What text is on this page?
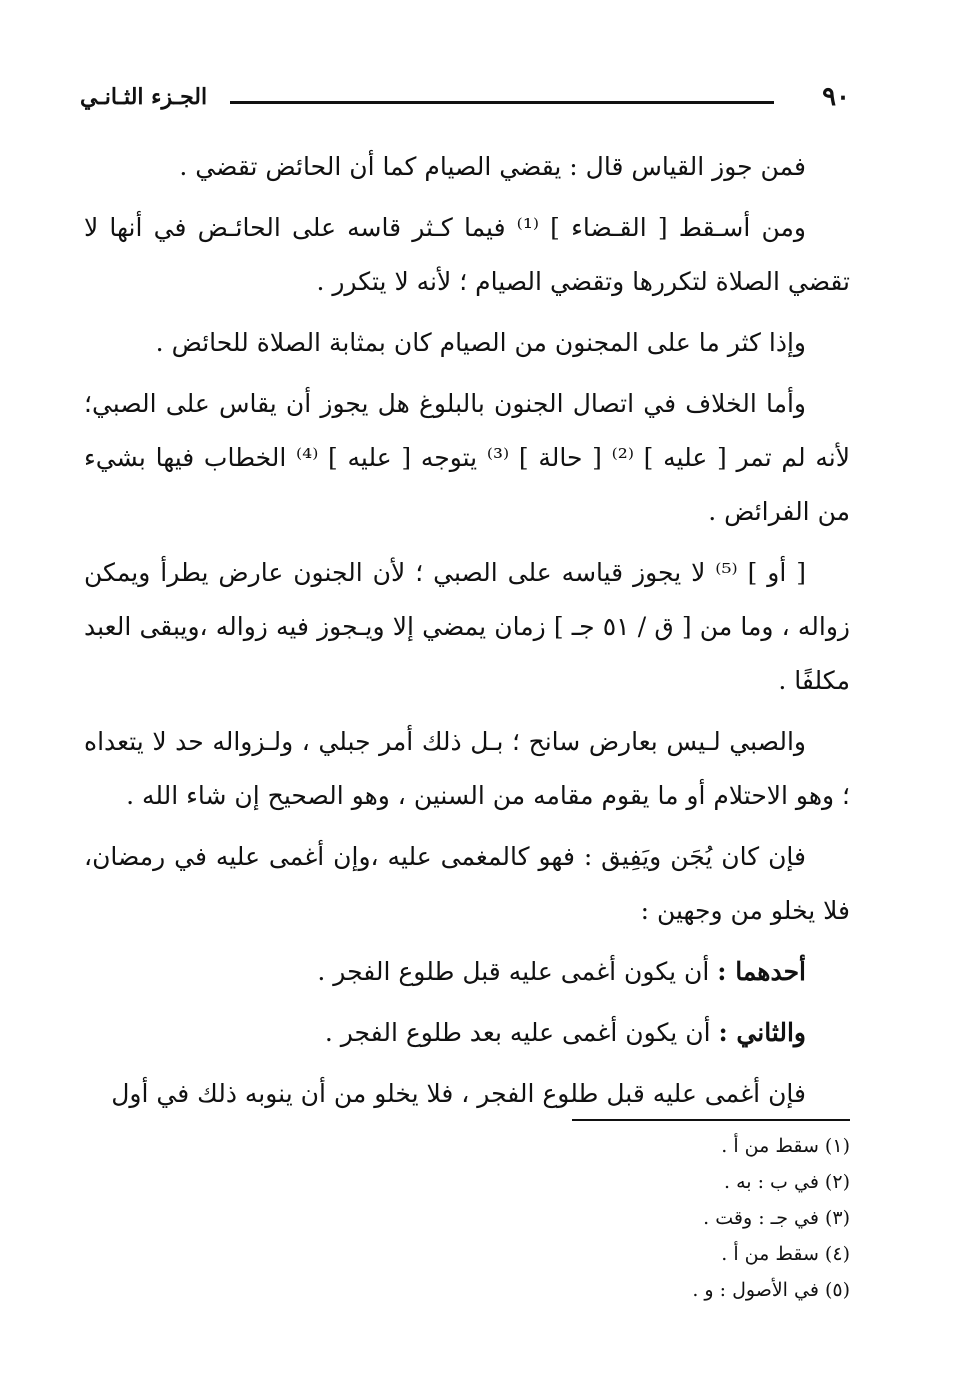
٩٠
الجـزء الثـانـي

فمن جوز القياس قال : يقضي الصيام كما أن الحائض تقضي .

ومن أسـقط [ القـضاء ] ⁽¹⁾ فيما كـثر قاسه على الحائـض في أنها لا تقضي الصلاة لتكررها وتقضي الصيام ؛ لأنه لا يتكرر .

وإذا كثر ما على المجنون من الصيام كان بمثابة الصلاة للحائض .

وأما الخلاف في اتصال الجنون بالبلوغ هل يجوز أن يقاس على الصبي؛ لأنه لم تمر [ عليه ] ⁽²⁾ [ حالة ] ⁽³⁾ يتوجه [ عليه ] ⁽⁴⁾ الخطاب فيها بشيء من الفرائض .

[ أو ] ⁽⁵⁾ لا يجوز قياسه على الصبي ؛ لأن الجنون عارض يطرأ ويمكن زواله ، وما من [ ق / ٥١ جـ ] زمان يمضي إلا ويـجوز فيه زواله ،ويبقى العبد مكلفًا .

والصبي لـيس بعارض سانح ؛ بـل ذلك أمر جبلي ، ولـزواله حد لا يتعداه ؛ وهو الاحتلام أو ما يقوم مقامه من السنين ، وهو الصحيح إن شاء الله .

فإن كان يُجَن ويَفِيق : فهو كالمغمى عليه ،وإن أغمى عليه في رمضان، فلا يخلو من وجهين :

أحدهما : أن يكون أغمى عليه قبل طلوع الفجر .

والثاني : أن يكون أغمى عليه بعد طلوع الفجر .

فإن أغمى عليه قبل طلوع الفجر ، فلا يخلو من أن ينوبه ذلك في أول

(١) سقط من أ .
(٢) في ب : به .
(٣) في جـ : وقت .
(٤) سقط من أ .
(٥) في الأصول : و .
